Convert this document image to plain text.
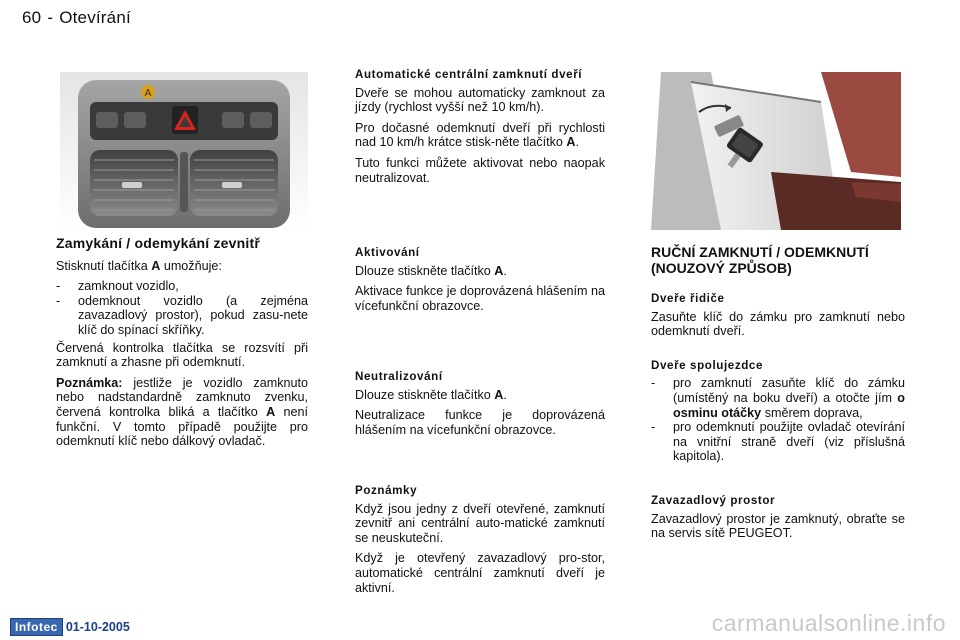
60 - Otevírání
A
Zamykání / odemykání zevnitř

Stisknutí tlačítka A umožňuje:

- zamknout vozidlo,
- odemknout vozidlo (a zejména zavazadlový prostor), pokud zasu-nete klíč do spínací skříňky.

Červená kontrolka tlačítka se rozsvítí při zamknutí a zhasne při odemknutí.

Poznámka: jestliže je vozidlo zamknuto nebo nadstandardně zamknuto zvenku, červená kontrolka bliká a tlačítko A není funkční. V tomto případě použijte pro odemknutí klíč nebo dálkový ovladač.

Automatické centrální zamknutí dveří

Dveře se mohou automaticky zamknout za jízdy (rychlost vyšší než 10 km/h).

Pro dočasné odemknutí dveří při rychlosti nad 10 km/h krátce stisk-něte tlačítko A.

Tuto funkci můžete aktivovat nebo naopak neutralizovat.

Aktivování

Dlouze stiskněte tlačítko A.

Aktivace funkce je doprovázená hlášením na vícefunkční obrazovce.

Neutralizování

Dlouze stiskněte tlačítko A.

Neutralizace funkce je doprovázená hlášením na vícefunkční obrazovce.

Poznámky

Když jsou jedny z dveří otevřené, zamknutí zevnitř ani centrální auto-matické zamknutí se neuskuteční.

Když je otevřený zavazadlový pro-stor, automatické centrální zamknutí dveří je aktivní.

RUČNÍ ZAMKNUTÍ / ODEMKNUTÍ (NOUZOVÝ ZPŮSOB)
Dveře řidiče

Zasuňte klíč do zámku pro zamknutí nebo odemknutí dveří.

Dveře spolujezdce
- pro zamknutí zasuňte klíč do zámku (umístěný na boku dveří) a otočte jím o osminu otáčky směrem doprava,
- pro odemknutí použijte ovladač otevírání na vnitřní straně dveří (viz příslušná kapitola).
Zavazadlový prostor

Zavazadlový prostor je zamknutý, obraťte se na servis sítě PEUGEOT.

Infotec 01-10-2005	carmanualsonline.info
